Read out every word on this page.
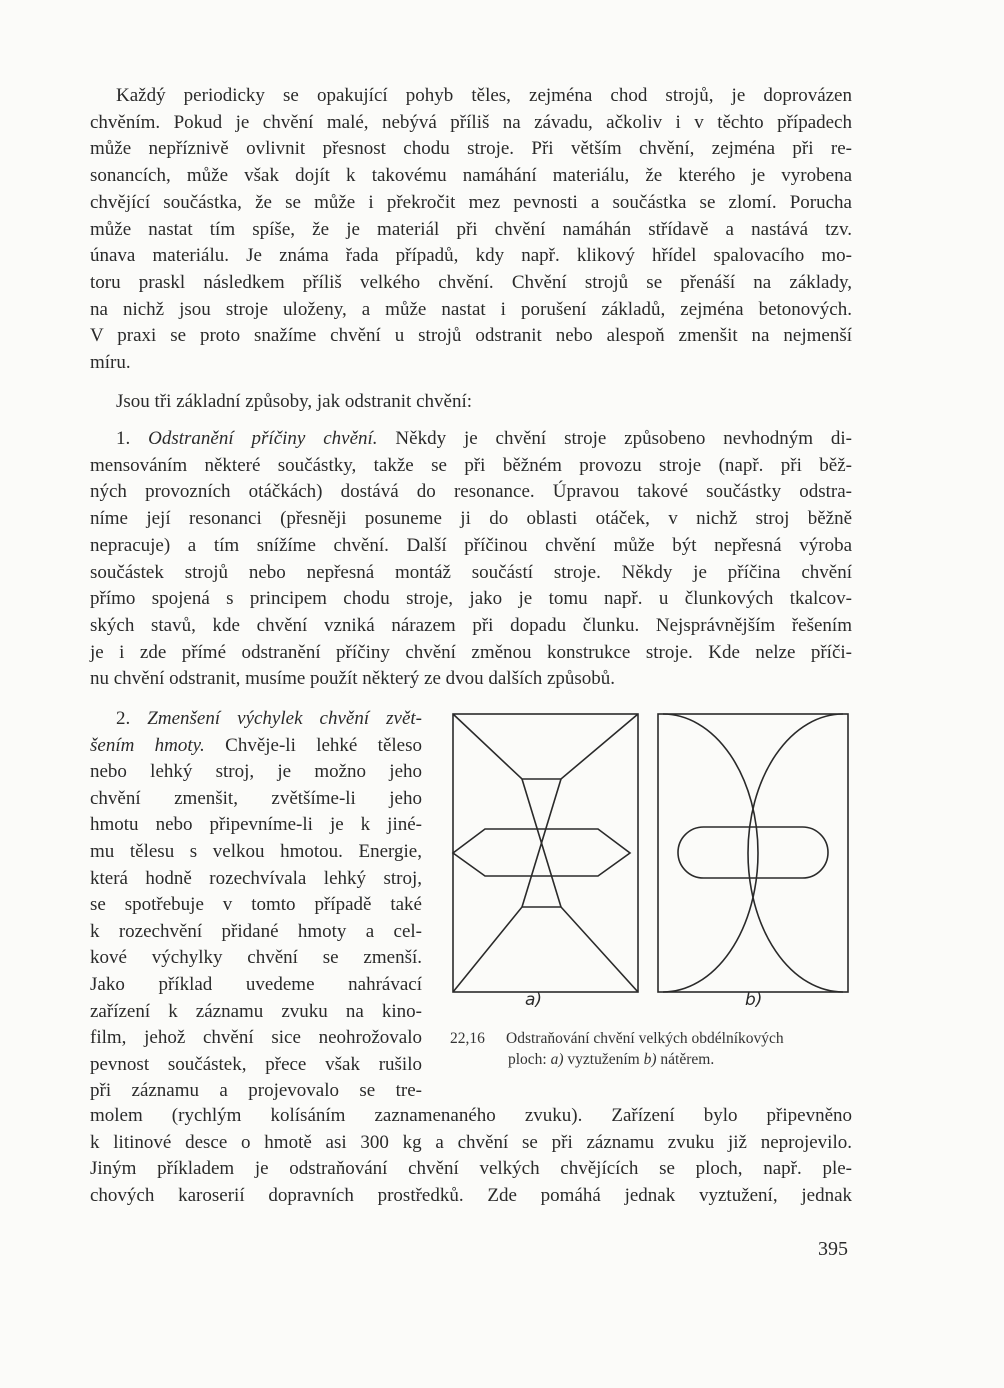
Každý periodicky se opakující pohyb těles, zejména chod strojů, je doprovázen
chvěním. Pokud je chvění malé, nebývá příliš na závadu, ačkoliv i v těchto případech
může nepříznivě ovlivnit přesnost chodu stroje. Při větším chvění, zejména při re-
sonancích, může však dojít k takovému namáhání materiálu, že kterého je vyrobena
chvějící součástka, že se může i překročit mez pevnosti a součástka se zlomí. Porucha
může nastat tím spíše, že je materiál při chvění namáhán střídavě a nastává tzv.
únava materiálu. Je známa řada případů, kdy např. klikový hřídel spalovacího mo-
toru praskl následkem příliš velkého chvění. Chvění strojů se přenáší na základy,
na nichž jsou stroje uloženy, a může nastat i porušení základů, zejména betonových.
V praxi se proto snažíme chvění u strojů odstranit nebo alespoň zmenšit na nejmenší
míru.
Jsou tři základní způsoby, jak odstranit chvění:
1. Odstranění příčiny chvění. Někdy je chvění stroje způsobeno nevhodným di-
mensováním některé součástky, takže se při běžném provozu stroje (např. při běž-
ných provozních otáčkách) dostává do resonance. Úpravou takové součástky odstra-
níme její resonanci (přesněji posuneme ji do oblasti otáček, v nichž stroj běžně
nepracuje) a tím snížíme chvění. Další příčinou chvění může být nepřesná výroba
součástek strojů nebo nepřesná montáž součástí stroje. Někdy je příčina chvění
přímo spojená s principem chodu stroje, jako je tomu např. u člunkových tkalcov-
ských stavů, kde chvění vzniká nárazem při dopadu člunku. Nejsprávnějším řešením
je i zde přímé odstranění příčiny chvění změnou konstrukce stroje. Kde nelze příči-
nu chvění odstranit, musíme použít některý ze dvou dalších způsobů.
2. Zmenšení výchylek chvění zvět-
šením hmoty. Chvěje-li lehké těleso
nebo lehký stroj, je možno jeho
chvění zmenšit, zvětšíme-li jeho
hmotu nebo připevníme-li je k jiné-
mu tělesu s velkou hmotou. Energie,
která hodně rozechvívala lehký stroj,
se spotřebuje v tomto případě také
k rozechvění přidané hmoty a cel-
kové výchylky chvění se zmenší.
Jako příklad uvedeme nahrávací
zařízení k záznamu zvuku na kino-
film, jehož chvění sice neohrožovalo
pevnost součástek, přece však rušilo
při záznamu a projevovalo se tre-
molem (rychlým kolísáním zaznamenaného zvuku). Zařízení bylo připevněno
k litinové desce o hmotě asi 300 kg a chvění se při záznamu zvuku již neprojevilo.
Jiným příkladem je odstraňování chvění velkých chvějících se ploch, např. ple-
chových karoserií dopravních prostředků. Zde pomáhá jednak vyztužení, jednak
a)	b)
22,16 Odstraňování chvění velkých obdélníkových
ploch: a) vyztužením b) nátěrem.
395
